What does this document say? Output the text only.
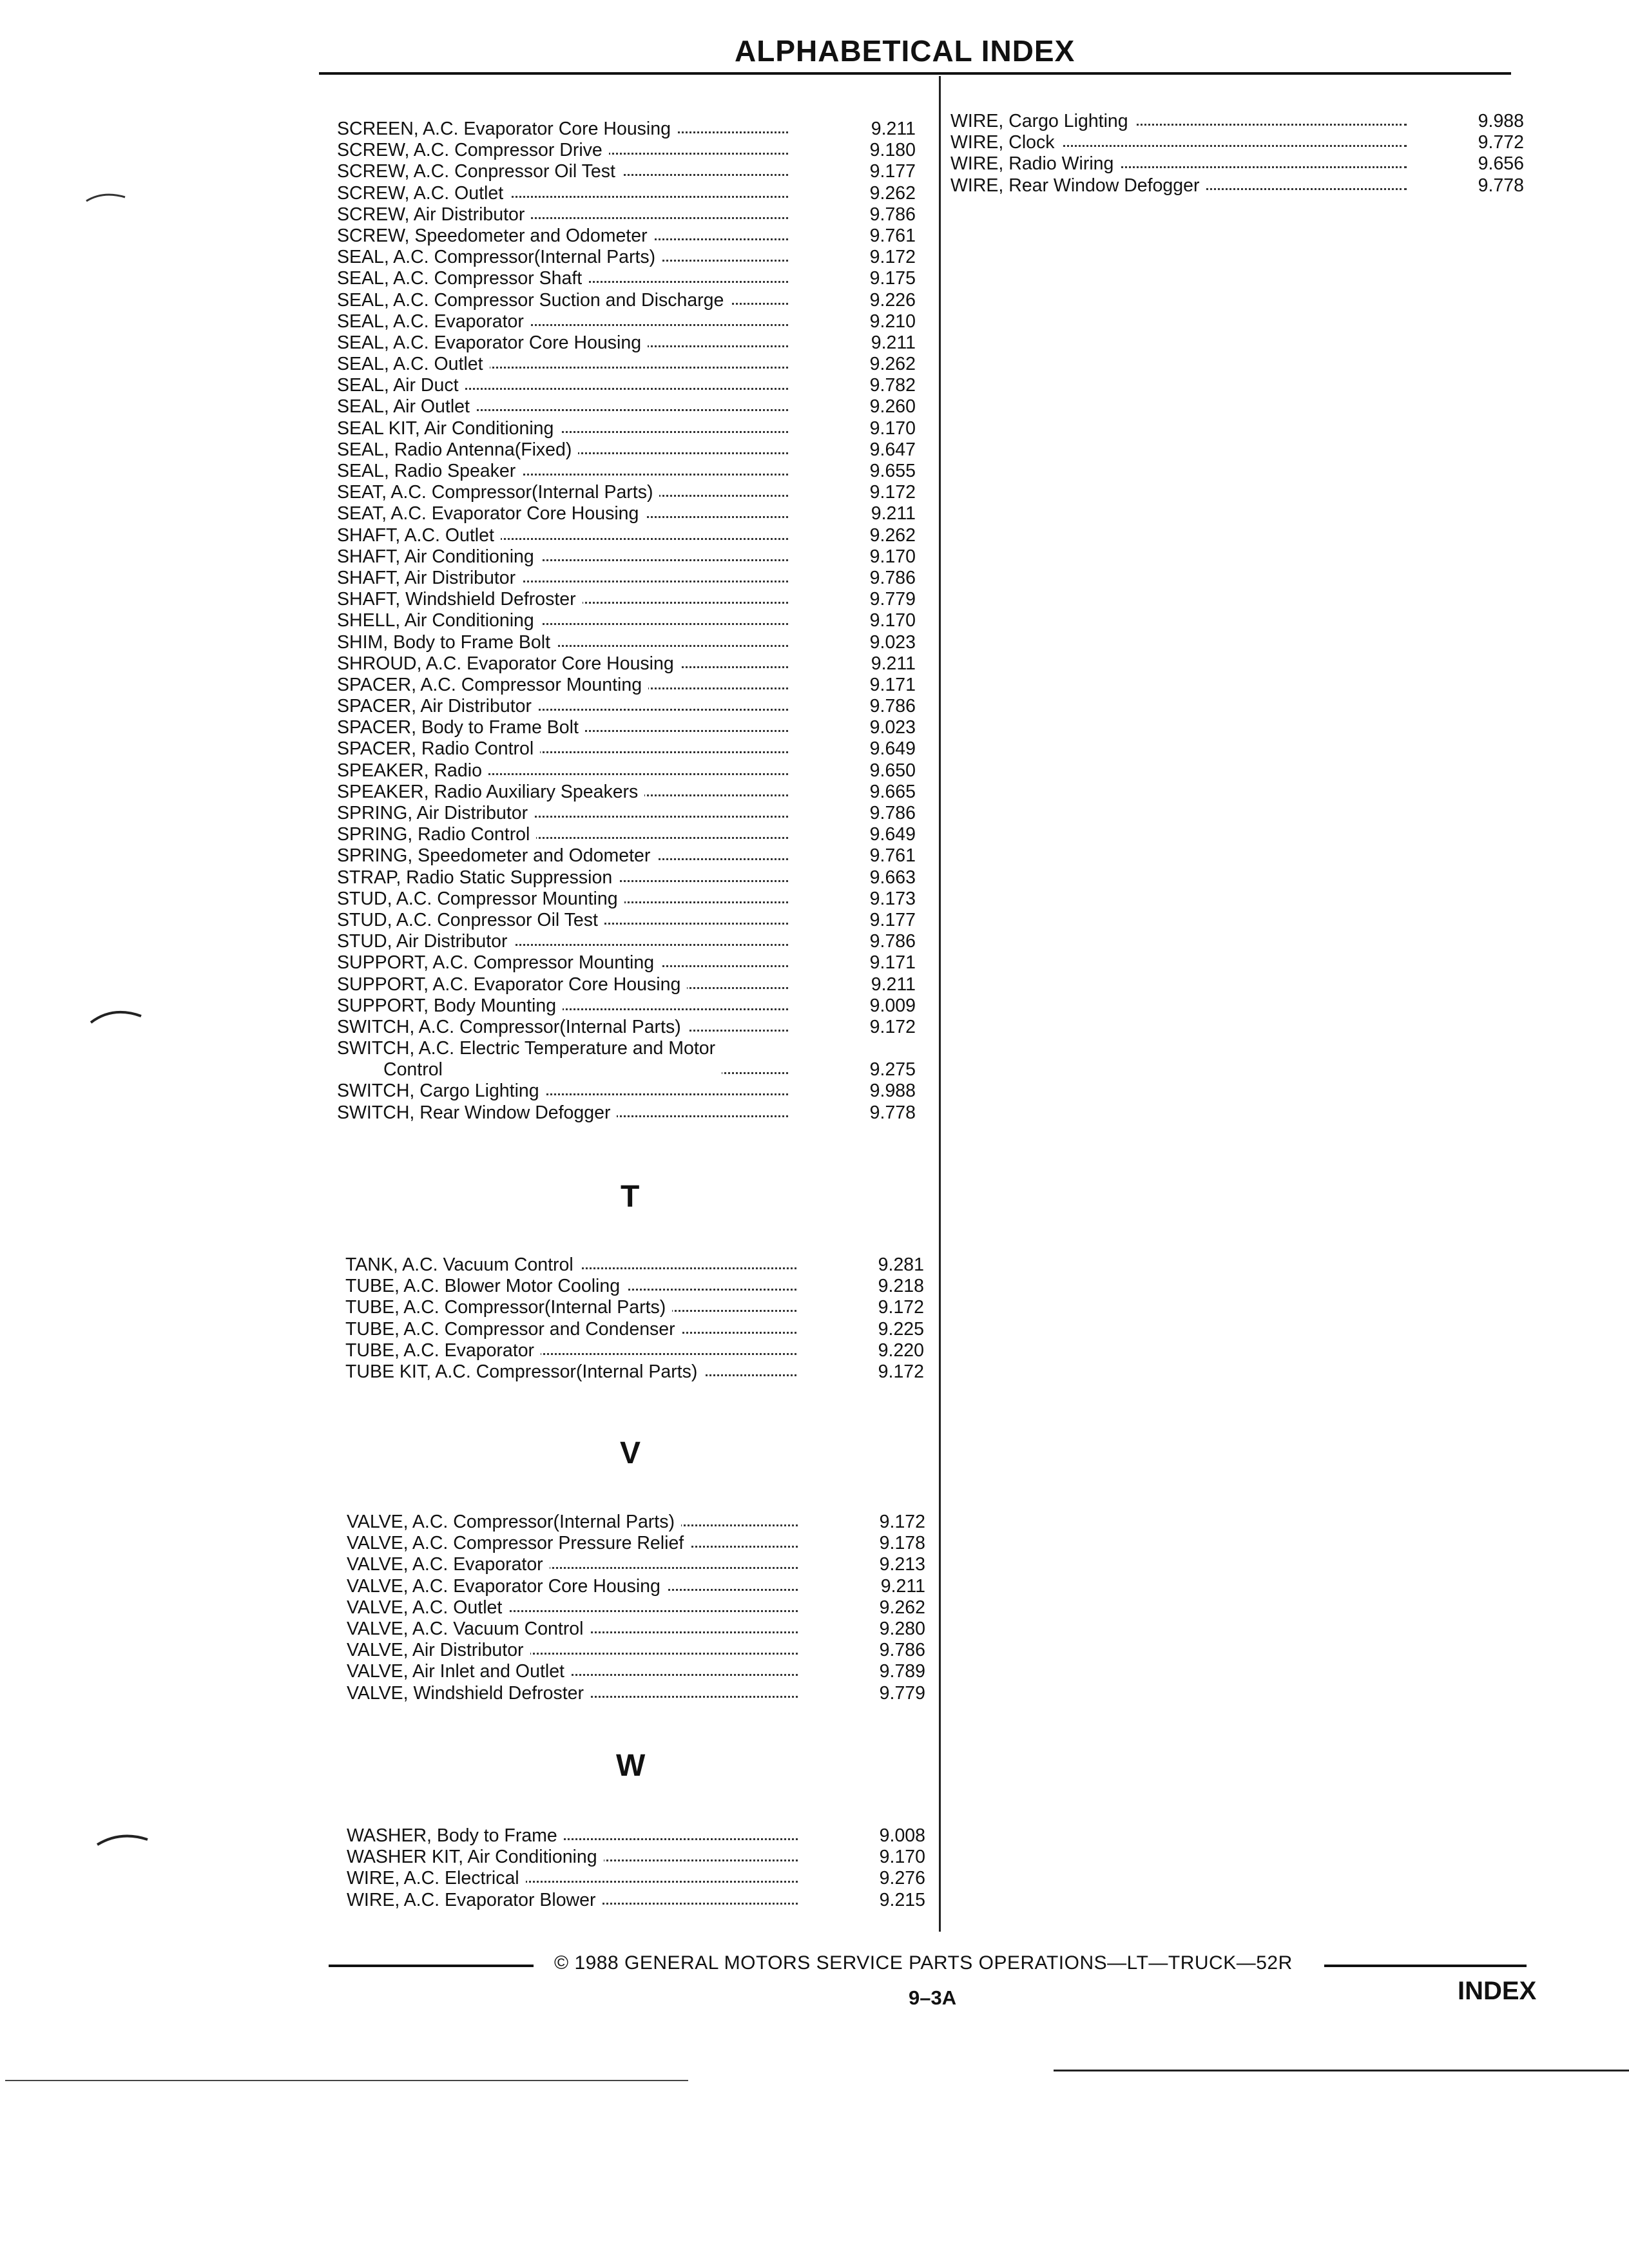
ALPHABETICAL INDEX
SCREEN, A.C. Evaporator Core Housing	9.211
SCREW, A.C. Compressor Drive	9.180
SCREW, A.C. Conpressor Oil Test	9.177
SCREW, A.C. Outlet	9.262
SCREW, Air Distributor	9.786
SCREW, Speedometer and Odometer	9.761
SEAL, A.C. Compressor(Internal Parts)	9.172
SEAL, A.C. Compressor Shaft	9.175
SEAL, A.C. Compressor Suction and Discharge	9.226
SEAL, A.C. Evaporator	9.210
SEAL, A.C. Evaporator Core Housing	9.211
SEAL, A.C. Outlet	9.262
SEAL, Air Duct	9.782
SEAL, Air Outlet	9.260
SEAL KIT, Air Conditioning	9.170
SEAL, Radio Antenna(Fixed)	9.647
SEAL, Radio Speaker	9.655
SEAT, A.C. Compressor(Internal Parts)	9.172
SEAT, A.C. Evaporator Core Housing	9.211
SHAFT, A.C. Outlet	9.262
SHAFT, Air Conditioning	9.170
SHAFT, Air Distributor	9.786
SHAFT, Windshield Defroster	9.779
SHELL, Air Conditioning	9.170
SHIM, Body to Frame Bolt	9.023
SHROUD, A.C. Evaporator Core Housing	9.211
SPACER, A.C. Compressor Mounting	9.171
SPACER, Air Distributor	9.786
SPACER, Body to Frame Bolt	9.023
SPACER, Radio Control	9.649
SPEAKER, Radio	9.650
SPEAKER, Radio Auxiliary Speakers	9.665
SPRING, Air Distributor	9.786
SPRING, Radio Control	9.649
SPRING, Speedometer and Odometer	9.761
STRAP, Radio Static Suppression	9.663
STUD, A.C. Compressor Mounting	9.173
STUD, A.C. Conpressor Oil Test	9.177
STUD, Air Distributor	9.786
SUPPORT, A.C. Compressor Mounting	9.171
SUPPORT, A.C. Evaporator Core Housing	9.211
SUPPORT, Body Mounting	9.009
SWITCH, A.C. Compressor(Internal Parts)	9.172
SWITCH, A.C. Electric Temperature and Motor
Control	9.275
SWITCH, Cargo Lighting	9.988
SWITCH, Rear Window Defogger	9.778
T
TANK, A.C. Vacuum Control	9.281
TUBE, A.C. Blower Motor Cooling	9.218
TUBE, A.C. Compressor(Internal Parts)	9.172
TUBE, A.C. Compressor and Condenser	9.225
TUBE, A.C. Evaporator	9.220
TUBE KIT, A.C. Compressor(Internal Parts)	9.172
V
VALVE, A.C. Compressor(Internal Parts)	9.172
VALVE, A.C. Compressor Pressure Relief	9.178
VALVE, A.C. Evaporator	9.213
VALVE, A.C. Evaporator Core Housing	9.211
VALVE, A.C. Outlet	9.262
VALVE, A.C. Vacuum Control	9.280
VALVE, Air Distributor	9.786
VALVE, Air Inlet and Outlet	9.789
VALVE, Windshield Defroster	9.779
W
WASHER, Body to Frame	9.008
WASHER KIT, Air Conditioning	9.170
WIRE, A.C. Electrical	9.276
WIRE, A.C. Evaporator Blower	9.215
WIRE, Cargo Lighting	9.988
WIRE, Clock	9.772
WIRE, Radio Wiring	9.656
WIRE, Rear Window Defogger	9.778
© 1988 GENERAL MOTORS SERVICE PARTS OPERATIONS—LT—TRUCK—52R
9–3A	INDEX
